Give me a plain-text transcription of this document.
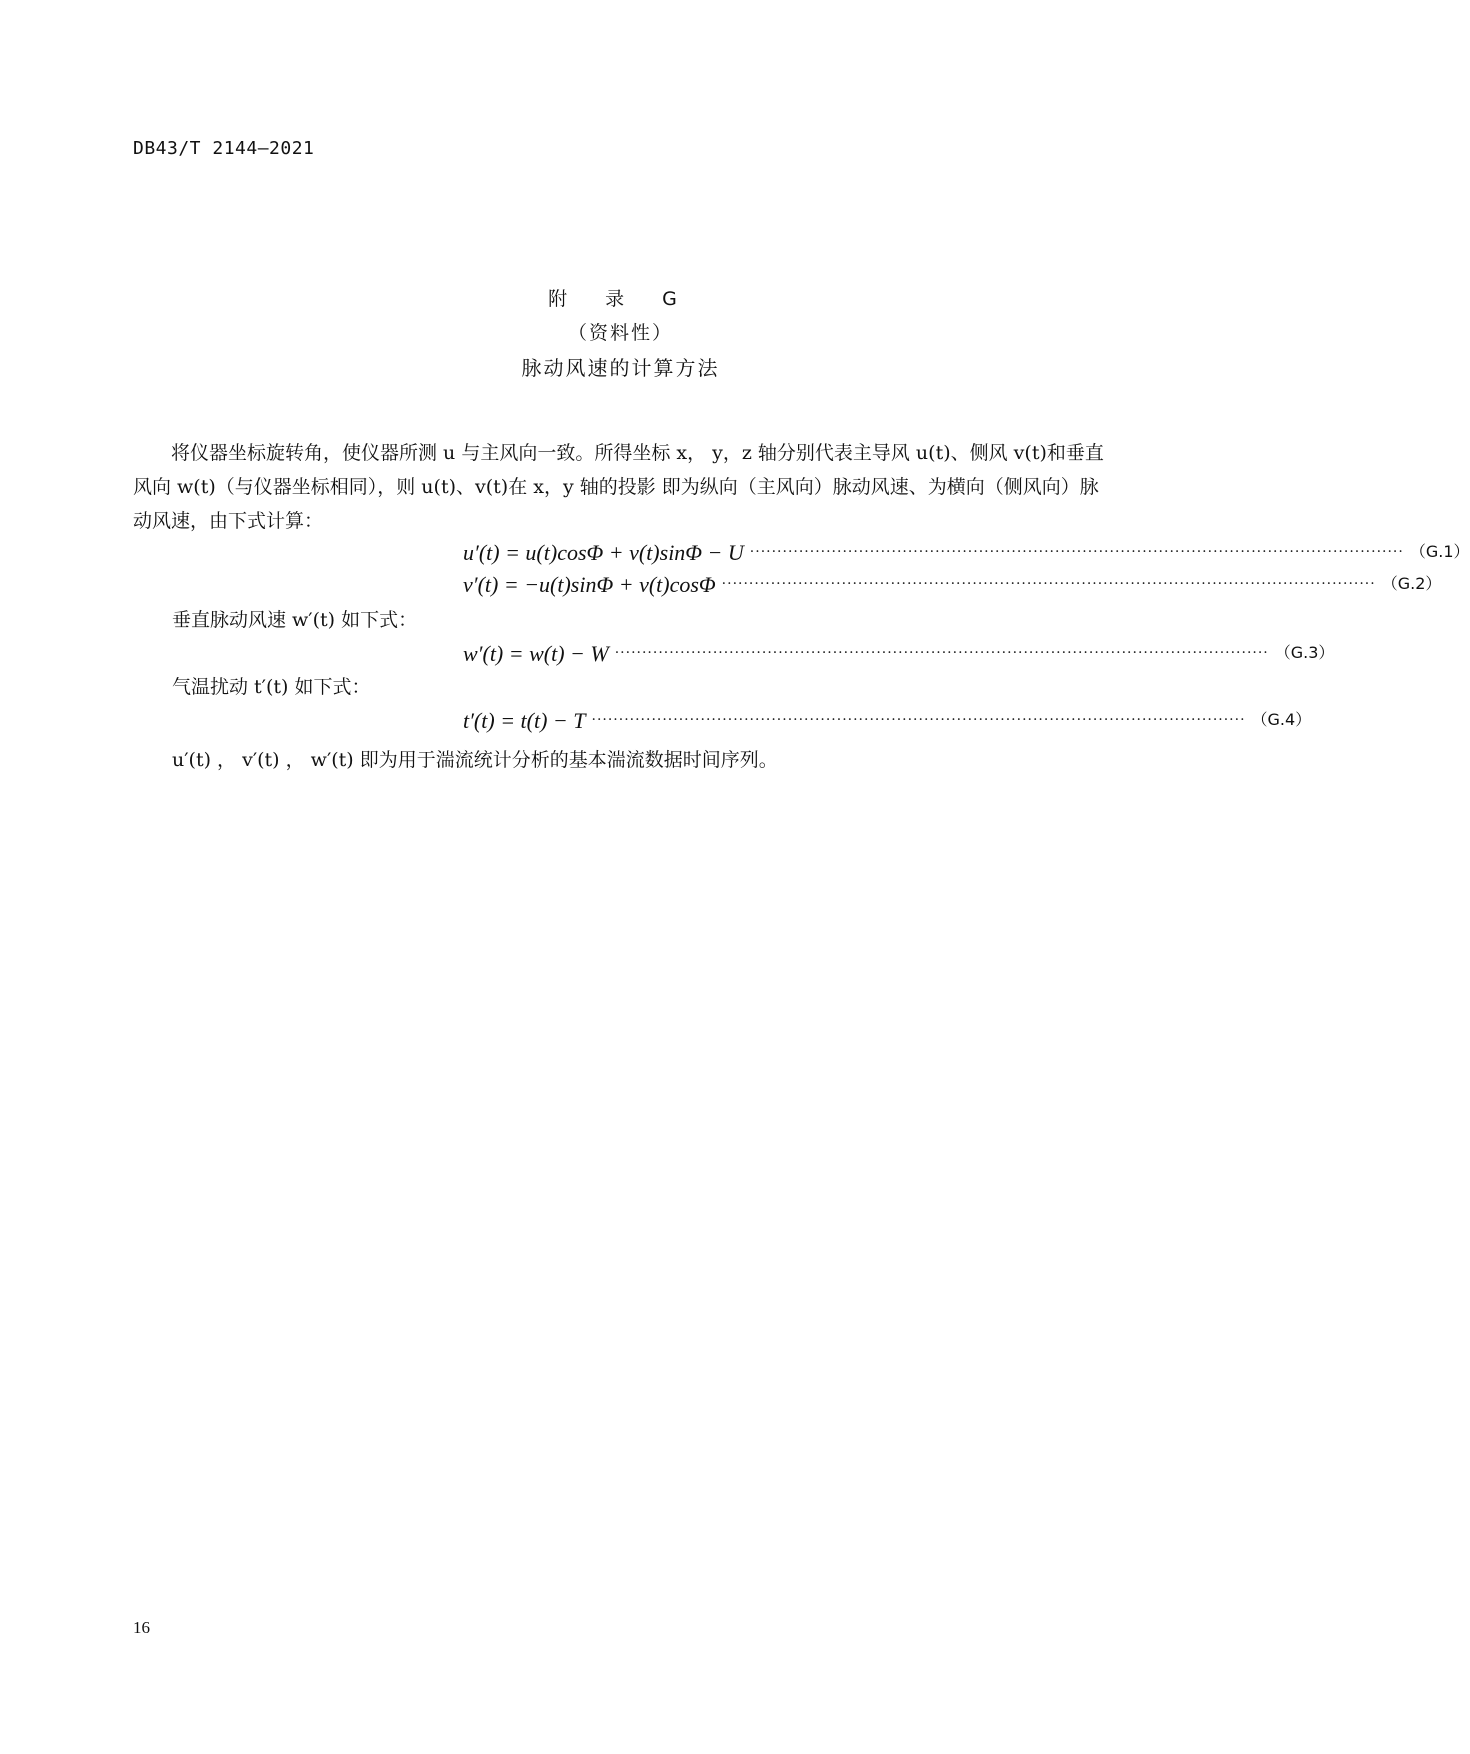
DB43/T 2144—2021
附 录 G
（资料性）
脉动风速的计算方法
将仪器坐标旋转角，使仪器所测 u 与主风向一致。所得坐标 x， y，z 轴分别代表主导风 u(t)、侧风 v(t)和垂直风向 w(t)（与仪器坐标相同），则 u(t)、v(t)在 x，y 轴的投影 即为纵向（主风向）脉动风速、为横向（侧风向）脉动风速，由下式计算：
u′(t) = u(t)cosΦ + v(t)sinΦ − U ························································································································ （G.1）
v′(t) = −u(t)sinΦ + v(t)cosΦ ························································································································ （G.2）
垂直脉动风速 w′(t) 如下式：
w′(t) = w(t) − W ························································································································ （G.3）
气温扰动 t′(t) 如下式：
t′(t) = t(t) − T ························································································································ （G.4）
u′(t) ， v′(t) ， w′(t) 即为用于湍流统计分析的基本湍流数据时间序列。
16
